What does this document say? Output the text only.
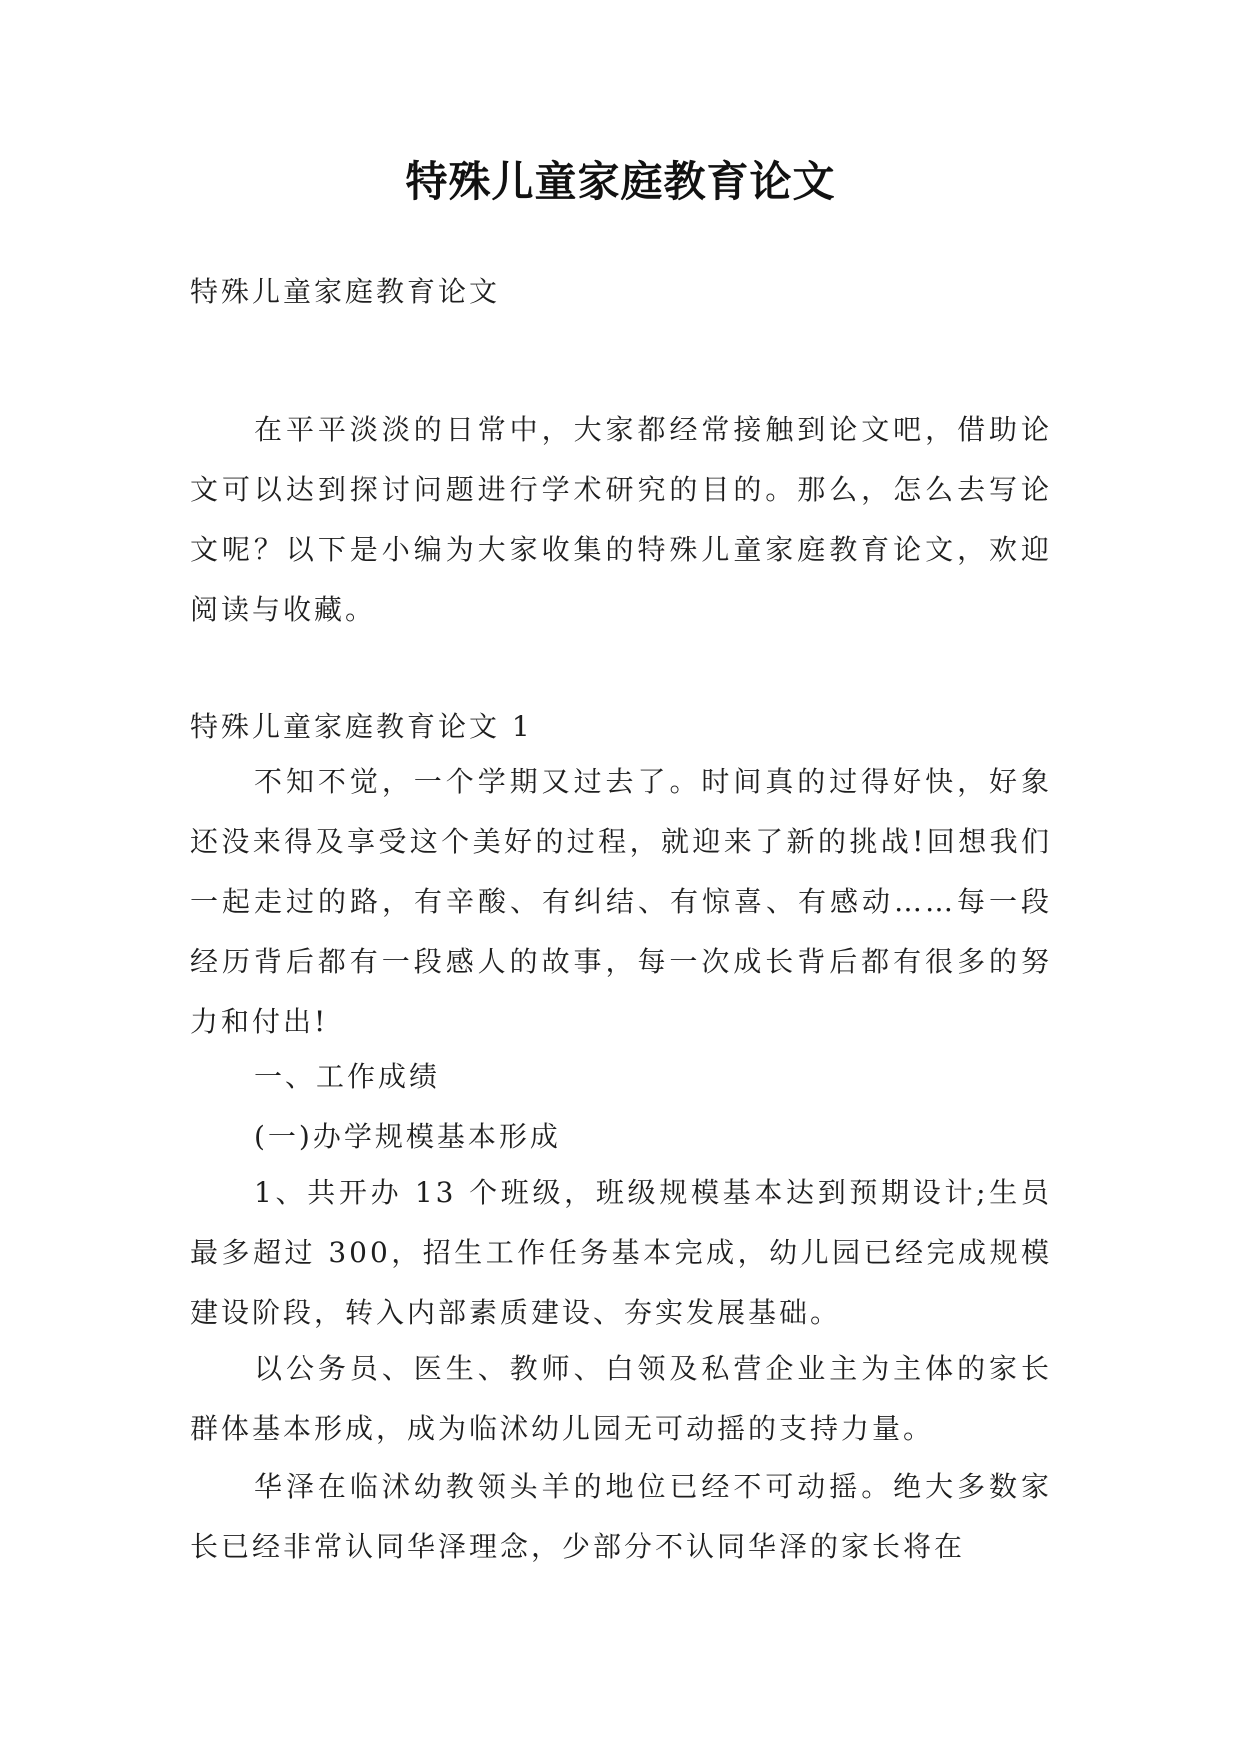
特殊儿童家庭教育论文

特殊儿童家庭教育论文

在平平淡淡的日常中，大家都经常接触到论文吧，借助论文可以达到探讨问题进行学术研究的目的。那么，怎么去写论文呢？以下是小编为大家收集的特殊儿童家庭教育论文，欢迎阅读与收藏。

特殊儿童家庭教育论文 1

不知不觉，一个学期又过去了。时间真的过得好快，好象还没来得及享受这个美好的过程，就迎来了新的挑战!回想我们一起走过的路，有辛酸、有纠结、有惊喜、有感动……每一段经历背后都有一段感人的故事，每一次成长背后都有很多的努力和付出!

一、工作成绩

(一)办学规模基本形成

1、共开办 13 个班级，班级规模基本达到预期设计;生员最多超过 300，招生工作任务基本完成，幼儿园已经完成规模建设阶段，转入内部素质建设、夯实发展基础。

以公务员、医生、教师、白领及私营企业主为主体的家长群体基本形成，成为临沭幼儿园无可动摇的支持力量。

华泽在临沭幼教领头羊的地位已经不可动摇。绝大多数家长已经非常认同华泽理念，少部分不认同华泽的家长将在
